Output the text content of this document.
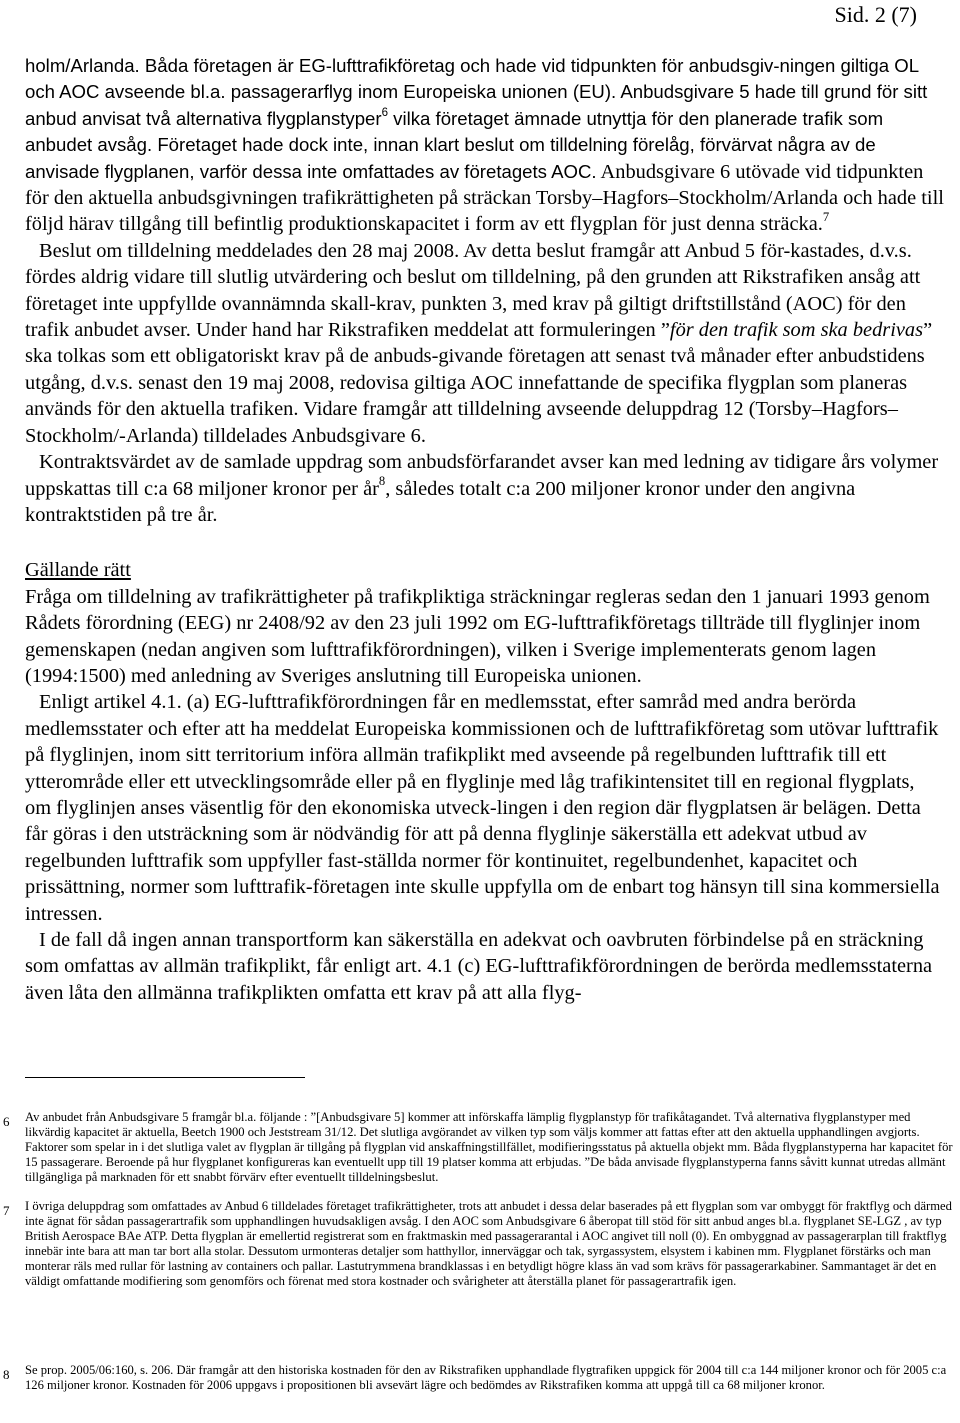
Sid. 2 (7)

holm/Arlanda. Båda företagen är EG-lufttrafikföretag och hade vid tidpunkten för anbudsgiv-ningen giltiga OL och AOC avseende bl.a. passagerarflyg inom Europeiska unionen (EU). Anbudsgivare 5 hade till grund för sitt anbud anvisat två alternativa flygplanstyper$^6$ vilka företaget ämnade utnyttja för den planerade trafik som anbudet avsåg. Företaget hade dock inte, innan klart beslut om tilldelning förelåg, förvärvat några av de anvisade flygplanen, varför dessa inte omfattades av företagets AOC. Anbudsgivare 6 utövade vid tidpunkten för den aktuella anbudsgivningen trafikrättigheten på sträckan Torsby–Hagfors–Stockholm/Arlanda och hade till följd härav tillgång till befintlig produktionskapacitet i form av ett flygplan för just denna sträcka.$^7$

Beslut om tilldelning meddelades den 28 maj 2008. Av detta beslut framgår att Anbud 5 för-kastades, d.v.s. fördes aldrig vidare till slutlig utvärdering och beslut om tilldelning, på den grunden att Rikstrafiken ansåg att företaget inte uppfyllde ovannämnda skall-krav, punkten 3, med krav på giltigt driftstillstånd (AOC) för den trafik anbudet avser. Under hand har Rikstrafiken meddelat att formuleringen ”för den trafik som ska bedrivas” ska tolkas som ett obligatoriskt krav på de anbuds-givande företagen att senast två månader efter anbudstidens utgång, d.v.s. senast den 19 maj 2008, redovisa giltiga AOC innefattande de specifika flygplan som planeras används för den aktuella trafiken. Vidare framgår att tilldelning avseende deluppdrag 12 (Torsby–Hagfors–Stockholm/-Arlanda) tilldelades Anbudsgivare 6.

Kontraktsvärdet av de samlade uppdrag som anbudsförfarandet avser kan med ledning av tidigare års volymer uppskattas till c:a 68 miljoner kronor per $år^8$, således totalt c:a 200 miljoner kronor under den angivna kontraktstiden på tre år.

Gällande rätt

Fråga om tilldelning av trafikrättigheter på trafikpliktiga sträckningar regleras sedan den 1 januari 1993 genom Rådets förordning (EEG) nr 2408/92 av den 23 juli 1992 om EG-lufttrafikföretags tillträde till flyglinjer inom gemenskapen (nedan angiven som lufttrafikförordningen), vilken i Sverige implementerats genom lagen (1994:1500) med anledning av Sveriges anslutning till Europeiska unionen.

Enligt artikel 4.1. (a) EG-lufttrafikförordningen får en medlemsstat, efter samråd med andra berörda medlemsstater och efter att ha meddelat Europeiska kommissionen och de lufttrafikföretag som utövar lufttrafik på flyglinjen, inom sitt territorium införa allmän trafikplikt med avseende på regelbunden lufttrafik till ett ytterområde eller ett utvecklingsområde eller på en flyglinje med låg trafikintensitet till en regional flygplats, om flyglinjen anses väsentlig för den ekonomiska utveck-lingen i den region där flygplatsen är belägen. Detta får göras i den utsträckning som är nödvändig för att på denna flyglinje säkerställa ett adekvat utbud av regelbunden lufttrafik som uppfyller fast-ställda normer för kontinuitet, regelbundenhet, kapacitet och prissättning, normer som lufttrafik-företagen inte skulle uppfylla om de enbart tog hänsyn till sina kommersiella intressen.

I de fall då ingen annan transportform kan säkerställa en adekvat och oavbruten förbindelse på en sträckning som omfattas av allmän trafikplikt, får enligt art. 4.1 (c) EG-lufttrafikförordningen de berörda medlemsstaterna även låta den allmänna trafikplikten omfatta ett krav på att alla flyg-

6 Av anbudet från Anbudsgivare 5 framgår bl.a. följande : ”[Anbudsgivare 5] kommer att införskaffa lämplig flygplanstyp för trafikåtagandet. Två alternativa flygplanstyper med likvärdig kapacitet är aktuella, Beetch 1900 och Jeststream 31/12. Det slutliga avgörandet av vilken typ som väljs kommer att fattas efter att den aktuella upphandlingen avgjorts. Faktorer som spelar in i det slutliga valet av flygplan är tillgång på flygplan vid anskaffningstillfället, modifieringsstatus på aktuella objekt mm. Båda flygplanstyperna har kapacitet för 15 passagerare. Beroende på hur flygplanet konfigureras kan eventuellt upp till 19 platser komma att erbjudas. ”De båda anvisade flygplanstyperna fanns såvitt kunnat utredas allmänt tillgängliga på marknaden för ett snabbt förvärv efter eventuellt tilldelningsbeslut.
7 I övriga deluppdrag som omfattades av Anbud 6 tilldelades företaget trafikrättigheter, trots att anbudet i dessa delar baserades på ett flygplan som var ombyggt för fraktflyg och därmed inte ägnat för sådan passagerartrafik som upphandlingen huvudsakligen avsåg. I den AOC som Anbudsgivare 6 åberopat till stöd för sitt anbud anges bl.a. flygplanet SE-LGZ , av typ British Aerospace BAe ATP. Detta flygplan är emellertid registrerat som en fraktmaskin med passagerarantal i AOC angivet till noll (0). En ombyggnad av passagerarplan till fraktflyg innebär inte bara att man tar bort alla stolar. Dessutom urmonteras detaljer som hatthyllor, innerväggar och tak, syrgassystem, elsystem i kabinen mm. Flygplanet förstärks och man monterar räls med rullar för lastning av containers och pallar. Lastutrymmena brandklassas i en betydligt högre klass än vad som krävs för passagerarkabiner. Sammantaget är det en väldigt omfattande modifiering som genomförs och förenat med stora kostnader och svårigheter att återställa planet för passagerartrafik igen.
8 Se prop. 2005/06:160, s. 206. Där framgår att den historiska kostnaden för den av Rikstrafiken upphandlade flygtrafiken uppgick för 2004 till c:a 144 miljoner kronor och för 2005 c:a 126 miljoner kronor. Kostnaden för 2006 uppgavs i propositionen bli avsevärt lägre och bedömdes av Rikstrafiken komma att uppgå till ca 68 miljoner kronor.
